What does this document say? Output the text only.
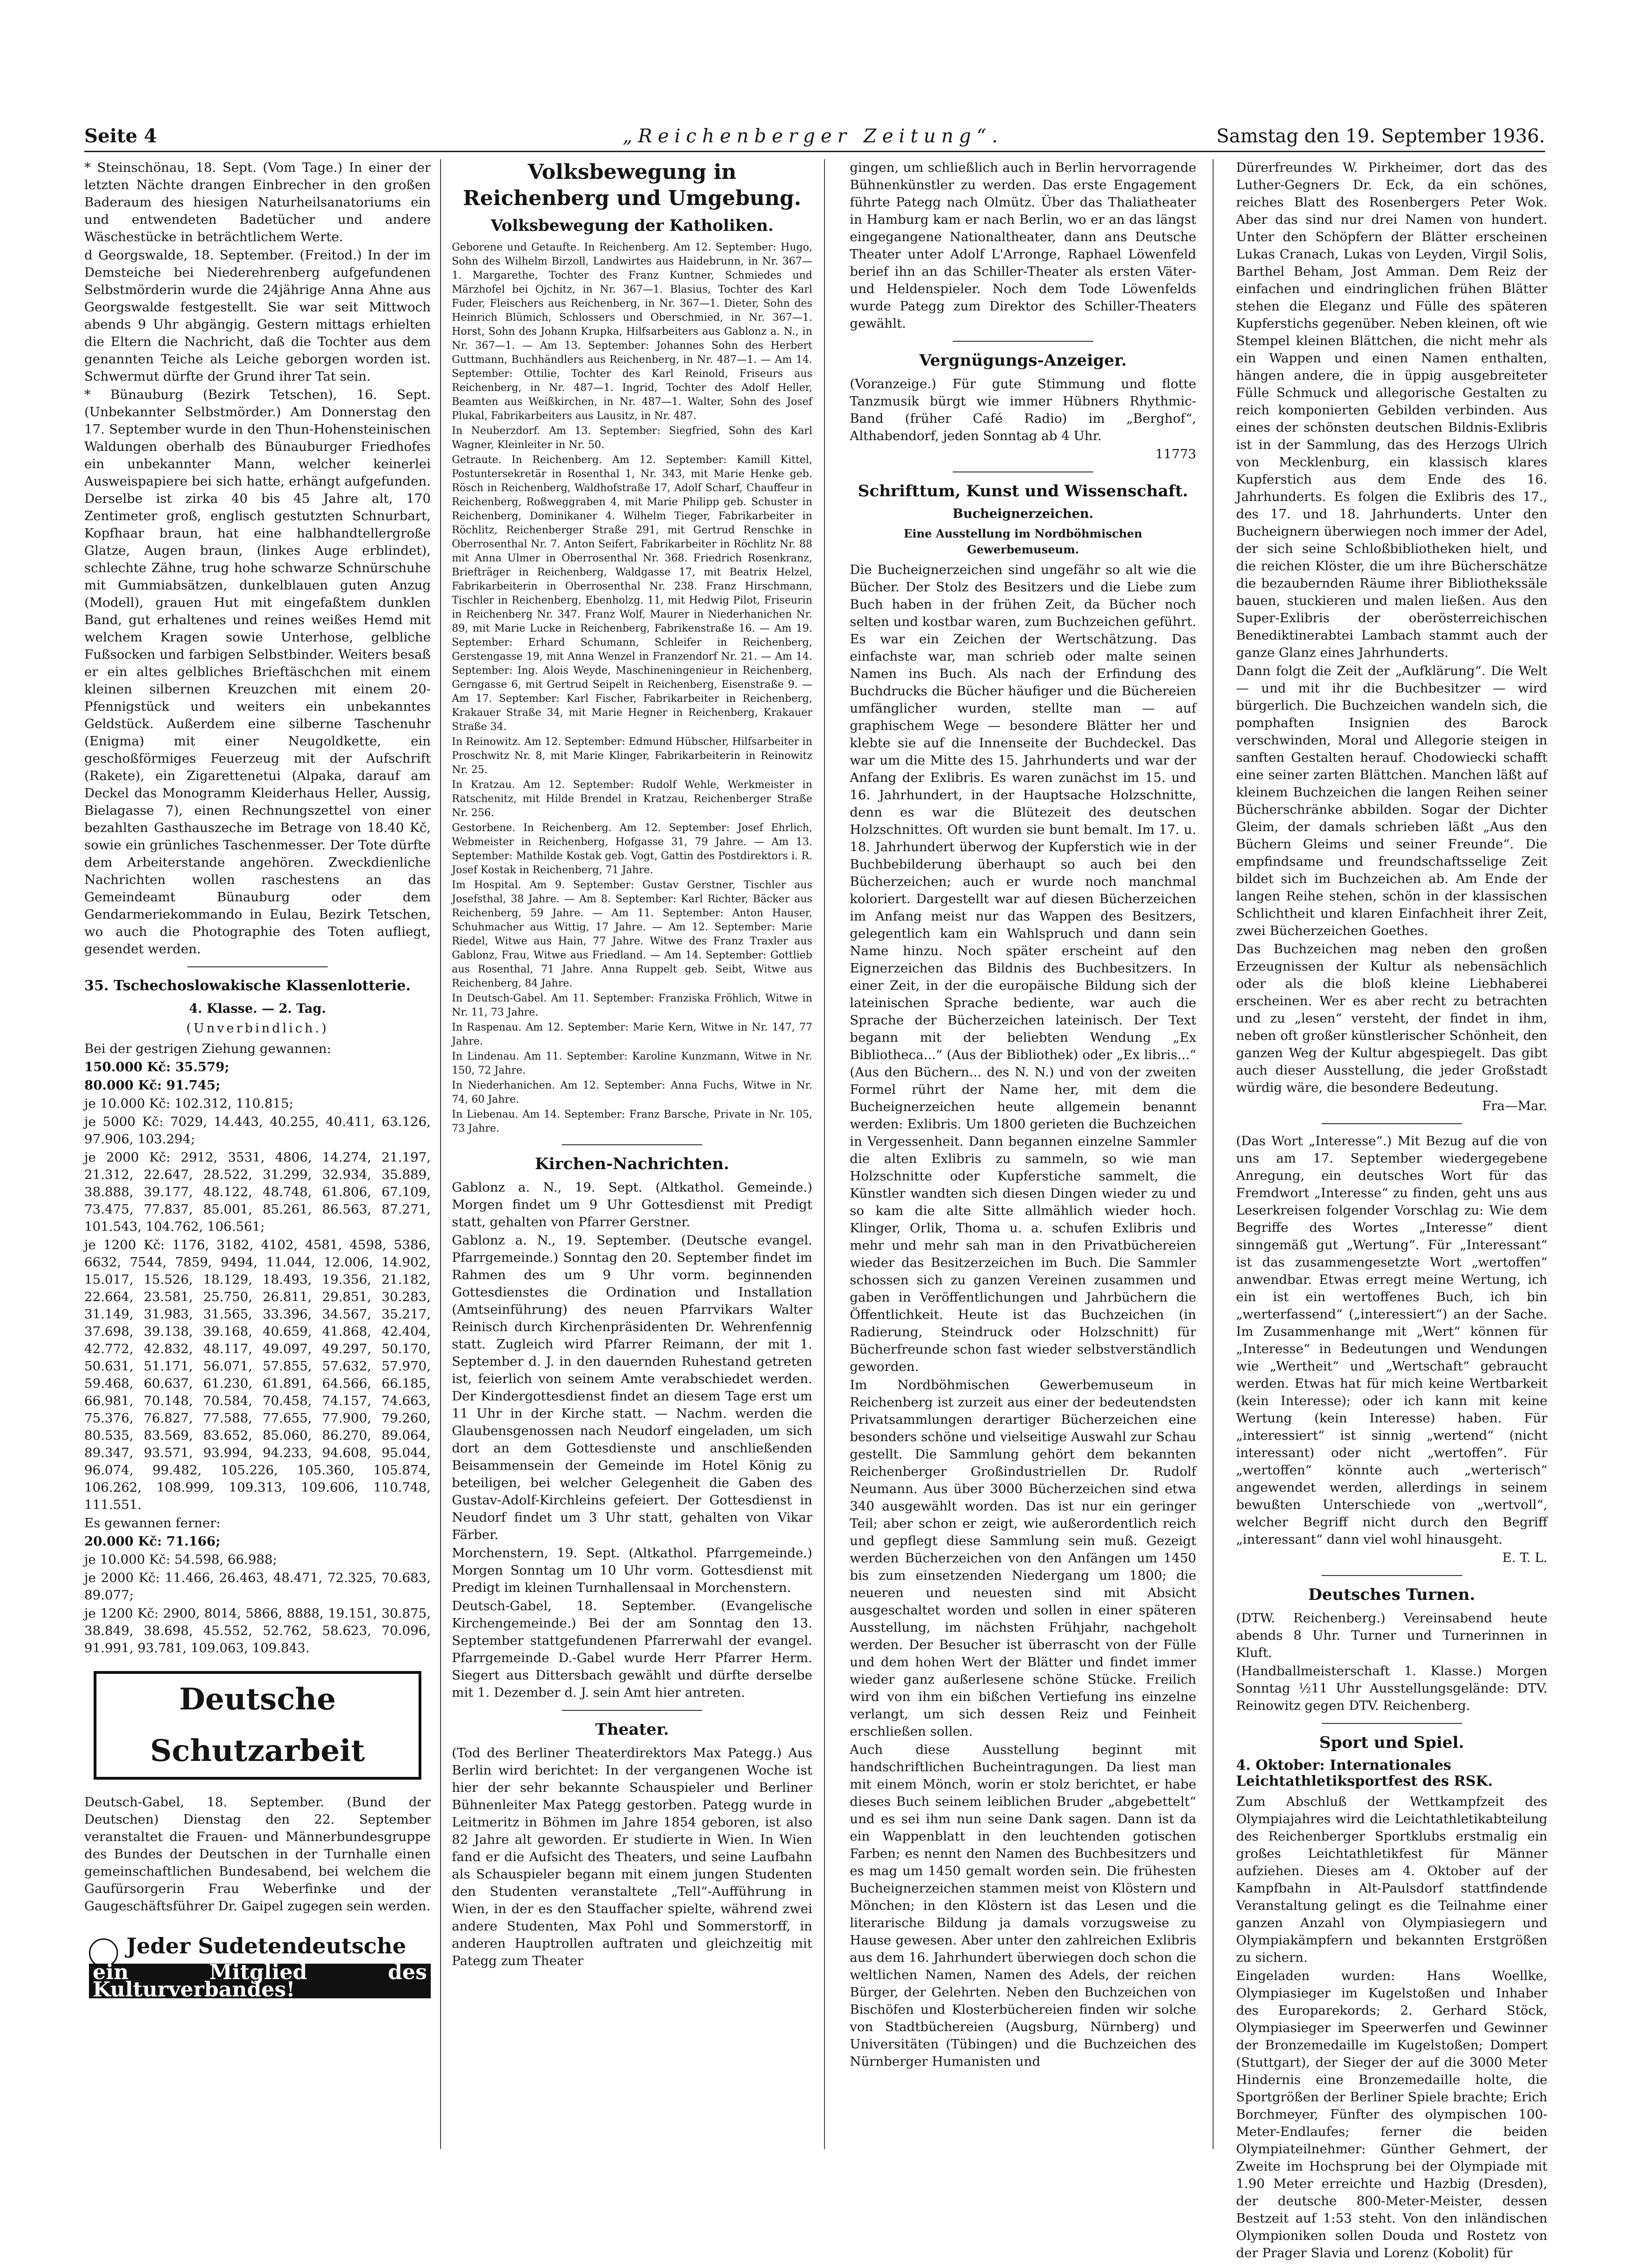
Seite 4	„Reichenberger Zeitung“.	Samstag den 19. September 1936.

* Steinschönau, 18. Sept. (Vom Tage.) In einer der letzten Nächte drangen Einbrecher in den großen Baderaum des hiesigen Naturheilsanatoriums ein und entwendeten Badetücher und andere Wäschestücke in beträchtlichem Werte.

d Georgswalde, 18. September. (Freitod.) In der im Demsteiche bei Niederehrenberg aufgefundenen Selbstmörderin wurde die 24jährige Anna Ahne aus Georgswalde festgestellt. Sie war seit Mittwoch abends 9 Uhr abgängig. Gestern mittags erhielten die Eltern die Nachricht, daß die Tochter aus dem genannten Teiche als Leiche geborgen worden ist. Schwermut dürfte der Grund ihrer Tat sein.

* Bünauburg (Bezirk Tetschen), 16. Sept. (Unbekannter Selbstmörder.) Am Donnerstag den 17. September wurde in den Thun-Hohensteinischen Waldungen oberhalb des Bünauburger Friedhofes ein unbekannter Mann, welcher keinerlei Ausweispapiere bei sich hatte, erhängt aufgefunden. Derselbe ist zirka 40 bis 45 Jahre alt, 170 Zentimeter groß, englisch gestutzten Schnurbart, Kopfhaar braun, hat eine halbhandtellergroße Glatze, Augen braun, (linkes Auge erblindet), schlechte Zähne, trug hohe schwarze Schnürschuhe mit Gummiabsätzen, dunkelblauen guten Anzug (Modell), grauen Hut mit eingefaßtem dunklen Band, gut erhaltenes und reines weißes Hemd mit welchem Kragen sowie Unterhose, gelbliche Fußsocken und farbigen Selbstbinder. Weiters besaß er ein altes gelbliches Brieftäschchen mit einem kleinen silbernen Kreuzchen mit einem 20-Pfennigstück und weiters ein unbekanntes Geldstück. Außerdem eine silberne Taschenuhr (Enigma) mit einer Neugoldkette, ein geschoßförmiges Feuerzeug mit der Aufschrift (Rakete), ein Zigarettenetui (Alpaka, darauf am Deckel das Monogramm Kleiderhaus Heller, Aussig, Bielagasse 7), einen Rechnungszettel von einer bezahlten Gasthauszeche im Betrage von 18.40 Kč, sowie ein grünliches Taschenmesser. Der Tote dürfte dem Arbeiterstande angehören. Zweckdienliche Nachrichten wollen raschestens an das Gemeindeamt Bünauburg oder dem Gendarmeriekommando in Eulau, Bezirk Tetschen, wo auch die Photographie des Toten aufliegt, gesendet werden.

35. Tschechoslowakische Klassenlotterie.
4. Klasse. — 2. Tag.
(Unverbindlich.)

Bei der gestrigen Ziehung gewannen:

150.000 Kč: 35.579;

80.000 Kč: 91.745;

je 10.000 Kč: 102.312, 110.815;

je 5000 Kč: 7029, 14.443, 40.255, 40.411, 63.126, 97.906, 103.294;

je 2000 Kč: 2912, 3531, 4806, 14.274, 21.197, 21.312, 22.647, 28.522, 31.299, 32.934, 35.889, 38.888, 39.177, 48.122, 48.748, 61.806, 67.109, 73.475, 77.837, 85.001, 85.261, 86.563, 87.271, 101.543, 104.762, 106.561;

je 1200 Kč: 1176, 3182, 4102, 4581, 4598, 5386, 6632, 7544, 7859, 9494, 11.044, 12.006, 14.902, 15.017, 15.526, 18.129, 18.493, 19.356, 21.182, 22.664, 23.581, 25.750, 26.811, 29.851, 30.283, 31.149, 31.983, 31.565, 33.396, 34.567, 35.217, 37.698, 39.138, 39.168, 40.659, 41.868, 42.404, 42.772, 42.832, 48.117, 49.097, 49.297, 50.170, 50.631, 51.171, 56.071, 57.855, 57.632, 57.970, 59.468, 60.637, 61.230, 61.891, 64.566, 66.185, 66.981, 70.148, 70.584, 70.458, 74.157, 74.663, 75.376, 76.827, 77.588, 77.655, 77.900, 79.260, 80.535, 83.569, 83.652, 85.060, 86.270, 89.064, 89.347, 93.571, 93.994, 94.233, 94.608, 95.044, 96.074, 99.482, 105.226, 105.360, 105.874, 106.262, 108.999, 109.313, 109.606, 110.748, 111.551.

Es gewannen ferner:

20.000 Kč: 71.166;

je 10.000 Kč: 54.598, 66.988;

je 2000 Kč: 11.466, 26.463, 48.471, 72.325, 70.683, 89.077;

je 1200 Kč: 2900, 8014, 5866, 8888, 19.151, 30.875, 38.849, 38.698, 45.552, 52.762, 58.623, 70.096, 91.991, 93.781, 109.063, 109.843.

Deutsche Schutzarbeit

Deutsch-Gabel, 18. September. (Bund der Deutschen) Dienstag den 22. September veranstaltet die Frauen- und Männerbundesgruppe des Bundes der Deutschen in der Turnhalle einen gemeinschaftlichen Bundesabend, bei welchem die Gaufürsorgerin Frau Weberfinke und der Gaugeschäftsführer Dr. Gaipel zugegen sein werden.

Jeder Sudetendeutsche
ein Mitglied des Kulturverbandes!
Volksbewegung in Reichenberg und Umgebung.
Volksbewegung der Katholiken.

Geborene und Getaufte. In Reichenberg. Am 12. September: Hugo, Sohn des Wilhelm Birzoll, Landwirtes aus Haidebrunn, in Nr. 367—1. Margarethe, Tochter des Franz Kuntner, Schmiedes und Märzhofel bei Ojchitz, in Nr. 367—1. Blasius, Tochter des Karl Fuder, Fleischers aus Reichenberg, in Nr. 367—1. Dieter, Sohn des Heinrich Blümich, Schlossers und Oberschmied, in Nr. 367—1. Horst, Sohn des Johann Krupka, Hilfsarbeiters aus Gablonz a. N., in Nr. 367—1. — Am 13. September: Johannes Sohn des Herbert Guttmann, Buchhändlers aus Reichenberg, in Nr. 487—1. — Am 14. September: Ottilie, Tochter des Karl Reinold, Friseurs aus Reichenberg, in Nr. 487—1. Ingrid, Tochter des Adolf Heller, Beamten aus Weißkirchen, in Nr. 487—1. Walter, Sohn des Josef Plukal, Fabrikarbeiters aus Lausitz, in Nr. 487.

In Neuberzdorf. Am 13. September: Siegfried, Sohn des Karl Wagner, Kleinleiter in Nr. 50.

Getraute. In Reichenberg. Am 12. September: Kamill Kittel, Postuntersekretär in Rosenthal 1, Nr. 343, mit Marie Henke geb. Rösch in Reichenberg, Waldhofstraße 17, Adolf Scharf, Chauffeur in Reichenberg, Roßweggraben 4, mit Marie Philipp geb. Schuster in Reichenberg, Dominikaner 4. Wilhelm Tieger, Fabrikarbeiter in Röchlitz, Reichenberger Straße 291, mit Gertrud Renschke in Oberrosenthal Nr. 7. Anton Seifert, Fabrikarbeiter in Röchlitz Nr. 88 mit Anna Ulmer in Oberrosenthal Nr. 368. Friedrich Rosenkranz, Briefträger in Reichenberg, Waldgasse 17, mit Beatrix Helzel, Fabrikarbeiterin in Oberrosenthal Nr. 238. Franz Hirschmann, Tischler in Reichenberg, Ebenholzg. 11, mit Hedwig Pilot, Friseurin in Reichenberg Nr. 347. Franz Wolf, Maurer in Niederhanichen Nr. 89, mit Marie Lucke in Reichenberg, Fabrikenstraße 16. — Am 19. September: Erhard Schumann, Schleifer in Reichenberg, Gerstengasse 19, mit Anna Wenzel in Franzendorf Nr. 21. — Am 14. September: Ing. Alois Weyde, Maschineningenieur in Reichenberg, Gerngasse 6, mit Gertrud Seipelt in Reichenberg, Eisenstraße 9. — Am 17. September: Karl Fischer, Fabrikarbeiter in Reichenberg, Krakauer Straße 34, mit Marie Hegner in Reichenberg, Krakauer Straße 34.

In Reinowitz. Am 12. September: Edmund Hübscher, Hilfsarbeiter in Proschwitz Nr. 8, mit Marie Klinger, Fabrikarbeiterin in Reinowitz Nr. 25.

In Kratzau. Am 12. September: Rudolf Wehle, Werkmeister in Ratschenitz, mit Hilde Brendel in Kratzau, Reichenberger Straße Nr. 256.

Gestorbene. In Reichenberg. Am 12. September: Josef Ehrlich, Webmeister in Reichenberg, Hofgasse 31, 79 Jahre. — Am 13. September: Mathilde Kostak geb. Vogt, Gattin des Postdirektors i. R. Josef Kostak in Reichenberg, 71 Jahre.

Im Hospital. Am 9. September: Gustav Gerstner, Tischler aus Josefsthal, 38 Jahre. — Am 8. September: Karl Richter, Bäcker aus Reichenberg, 59 Jahre. — Am 11. September: Anton Hauser, Schuhmacher aus Wittig, 17 Jahre. — Am 12. September: Marie Riedel, Witwe aus Hain, 77 Jahre. Witwe des Franz Traxler aus Gablonz, Frau, Witwe aus Friedland. — Am 14. September: Gottlieb aus Rosenthal, 71 Jahre. Anna Ruppelt geb. Seibt, Witwe aus Reichenberg, 84 Jahre.

In Deutsch-Gabel. Am 11. September: Franziska Fröhlich, Witwe in Nr. 11, 73 Jahre.

In Raspenau. Am 12. September: Marie Kern, Witwe in Nr. 147, 77 Jahre.

In Lindenau. Am 11. September: Karoline Kunzmann, Witwe in Nr. 150, 72 Jahre.

In Niederhanichen. Am 12. September: Anna Fuchs, Witwe in Nr. 74, 60 Jahre.

In Liebenau. Am 14. September: Franz Barsche, Private in Nr. 105, 73 Jahre.

Kirchen-Nachrichten.

Gablonz a. N., 19. Sept. (Altkathol. Gemeinde.) Morgen findet um 9 Uhr Gottesdienst mit Predigt statt, gehalten von Pfarrer Gerstner.

Gablonz a. N., 19. September. (Deutsche evangel. Pfarrgemeinde.) Sonntag den 20. September findet im Rahmen des um 9 Uhr vorm. beginnenden Gottesdienstes die Ordination und Installation (Amtseinführung) des neuen Pfarrvikars Walter Reinisch durch Kirchenpräsidenten Dr. Wehrenfennig statt. Zugleich wird Pfarrer Reimann, der mit 1. September d. J. in den dauernden Ruhestand getreten ist, feierlich von seinem Amte verabschiedet werden. Der Kindergottesdienst findet an diesem Tage erst um 11 Uhr in der Kirche statt. — Nachm. werden die Glaubensgenossen nach Neudorf eingeladen, um sich dort an dem Gottesdienste und anschließenden Beisammensein der Gemeinde im Hotel König zu beteiligen, bei welcher Gelegenheit die Gaben des Gustav-Adolf-Kirchleins gefeiert. Der Gottesdienst in Neudorf findet um 3 Uhr statt, gehalten von Vikar Färber.

Morchenstern, 19. Sept. (Altkathol. Pfarrgemeinde.) Morgen Sonntag um 10 Uhr vorm. Gottesdienst mit Predigt im kleinen Turnhallensaal in Morchenstern.

Deutsch-Gabel, 18. September. (Evangelische Kirchengemeinde.) Bei der am Sonntag den 13. September stattgefundenen Pfarrerwahl der evangel. Pfarrgemeinde D.-Gabel wurde Herr Pfarrer Herm. Siegert aus Dittersbach gewählt und dürfte derselbe mit 1. Dezember d. J. sein Amt hier antreten.

Theater.

(Tod des Berliner Theaterdirektors Max Pategg.) Aus Berlin wird berichtet: In der vergangenen Woche ist hier der sehr bekannte Schauspieler und Berliner Bühnenleiter Max Pategg gestorben. Pategg wurde in Leitmeritz in Böhmen im Jahre 1854 geboren, ist also 82 Jahre alt geworden. Er studierte in Wien. In Wien fand er die Aufsicht des Theaters, und seine Laufbahn als Schauspieler begann mit einem jungen Studenten den Studenten veranstaltete „Tell“-Aufführung in Wien, in der es den Stauffacher spielte, während zwei andere Studenten, Max Pohl und Sommerstorff, in anderen Hauptrollen auftraten und gleichzeitig mit Pategg zum Theater

gingen, um schließlich auch in Berlin hervorragende Bühnenkünstler zu werden. Das erste Engagement führte Pategg nach Olmütz. Über das Thaliatheater in Hamburg kam er nach Berlin, wo er an das längst eingegangene Nationaltheater, dann ans Deutsche Theater unter Adolf L'Arronge, Raphael Löwenfeld berief ihn an das Schiller-Theater als ersten Väter- und Heldenspieler. Noch dem Tode Löwenfelds wurde Pategg zum Direktor des Schiller-Theaters gewählt.

Vergnügungs-Anzeiger.

(Voranzeige.) Für gute Stimmung und flotte Tanzmusik bürgt wie immer Hübners Rhythmic-Band (früher Café Radio) im „Berghof“, Althabendorf, jeden Sonntag ab 4 Uhr.

11773

Schrifttum, Kunst und Wissenschaft.
Bucheignerzeichen.
Eine Ausstellung im Nordböhmischen Gewerbemuseum.

Die Bucheignerzeichen sind ungefähr so alt wie die Bücher. Der Stolz des Besitzers und die Liebe zum Buch haben in der frühen Zeit, da Bücher noch selten und kostbar waren, zum Buchzeichen geführt. Es war ein Zeichen der Wertschätzung. Das einfachste war, man schrieb oder malte seinen Namen ins Buch. Als nach der Erfindung des Buchdrucks die Bücher häufiger und die Büchereien umfänglicher wurden, stellte man — auf graphischem Wege — besondere Blätter her und klebte sie auf die Innenseite der Buchdeckel. Das war um die Mitte des 15. Jahrhunderts und war der Anfang der Exlibris. Es waren zunächst im 15. und 16. Jahrhundert, in der Hauptsache Holzschnitte, denn es war die Blütezeit des deutschen Holzschnittes. Oft wurden sie bunt bemalt. Im 17. u. 18. Jahrhundert überwog der Kupferstich wie in der Buchbebilderung überhaupt so auch bei den Bücherzeichen; auch er wurde noch manchmal koloriert. Dargestellt war auf diesen Bücherzeichen im Anfang meist nur das Wappen des Besitzers, gelegentlich kam ein Wahlspruch und dann sein Name hinzu. Noch später erscheint auf den Eignerzeichen das Bildnis des Buchbesitzers. In einer Zeit, in der die europäische Bildung sich der lateinischen Sprache bediente, war auch die Sprache der Bücherzeichen lateinisch. Der Text begann mit der beliebten Wendung „Ex Bibliotheca...“ (Aus der Bibliothek) oder „Ex libris...“ (Aus den Büchern... des N. N.) und von der zweiten Formel rührt der Name her, mit dem die Bucheignerzeichen heute allgemein benannt werden: Exlibris. Um 1800 gerieten die Buchzeichen in Vergessenheit. Dann begannen einzelne Sammler die alten Exlibris zu sammeln, so wie man Holzschnitte oder Kupferstiche sammelt, die Künstler wandten sich diesen Dingen wieder zu und so kam die alte Sitte allmählich wieder hoch. Klinger, Orlik, Thoma u. a. schufen Exlibris und mehr und mehr sah man in den Privatbüchereien wieder das Besitzerzeichen im Buch. Die Sammler schossen sich zu ganzen Vereinen zusammen und gaben in Veröffentlichungen und Jahrbüchern die Öffentlichkeit. Heute ist das Buchzeichen (in Radierung, Steindruck oder Holzschnitt) für Bücherfreunde schon fast wieder selbstverständlich geworden.

Im Nordböhmischen Gewerbemuseum in Reichenberg ist zurzeit aus einer der bedeutendsten Privatsammlungen derartiger Bücherzeichen eine besonders schöne und vielseitige Auswahl zur Schau gestellt. Die Sammlung gehört dem bekannten Reichenberger Großindustriellen Dr. Rudolf Neumann. Aus über 3000 Bücherzeichen sind etwa 340 ausgewählt worden. Das ist nur ein geringer Teil; aber schon er zeigt, wie außerordentlich reich und gepflegt diese Sammlung sein muß. Gezeigt werden Bücherzeichen von den Anfängen um 1450 bis zum einsetzenden Niedergang um 1800; die neueren und neuesten sind mit Absicht ausgeschaltet worden und sollen in einer späteren Ausstellung, im nächsten Frühjahr, nachgeholt werden. Der Besucher ist überrascht von der Fülle und dem hohen Wert der Blätter und findet immer wieder ganz außerlesene schöne Stücke. Freilich wird von ihm ein bißchen Vertiefung ins einzelne verlangt, um sich dessen Reiz und Feinheit erschließen sollen.

Auch diese Ausstellung beginnt mit handschriftlichen Bucheintragungen. Da liest man mit einem Mönch, worin er stolz berichtet, er habe dieses Buch seinem leiblichen Bruder „abgebettelt“ und es sei ihm nun seine Dank sagen. Dann ist da ein Wappenblatt in den leuchtenden gotischen Farben; es nennt den Namen des Buchbesitzers und es mag um 1450 gemalt worden sein. Die frühesten Bucheignerzeichen stammen meist von Klöstern und Mönchen; in den Klöstern ist das Lesen und die literarische Bildung ja damals vorzugsweise zu Hause gewesen. Aber unter den zahlreichen Exlibris aus dem 16. Jahrhundert überwiegen doch schon die weltlichen Namen, Namen des Adels, der reichen Bürger, der Gelehrten. Neben den Buchzeichen von Bischöfen und Klosterbüchereien finden wir solche von Stadtbüchereien (Augsburg, Nürnberg) und Universitäten (Tübingen) und die Buchzeichen des Nürnberger Humanisten und

Dürerfreundes W. Pirkheimer, dort das des Luther-Gegners Dr. Eck, da ein schönes, reiches Blatt des Rosenbergers Peter Wok. Aber das sind nur drei Namen von hundert. Unter den Schöpfern der Blätter erscheinen Lukas Cranach, Lukas von Leyden, Virgil Solis, Barthel Beham, Jost Amman. Dem Reiz der einfachen und eindringlichen frühen Blätter stehen die Eleganz und Fülle des späteren Kupferstichs gegenüber. Neben kleinen, oft wie Stempel kleinen Blättchen, die nicht mehr als ein Wappen und einen Namen enthalten, hängen andere, die in üppig ausgebreiteter Fülle Schmuck und allegorische Gestalten zu reich komponierten Gebilden verbinden. Aus eines der schönsten deutschen Bildnis-Exlibris ist in der Sammlung, das des Herzogs Ulrich von Mecklenburg, ein klassisch klares Kupferstich aus dem Ende des 16. Jahrhunderts. Es folgen die Exlibris des 17., des 17. und 18. Jahrhunderts. Unter den Bucheignern überwiegen noch immer der Adel, der sich seine Schloßbibliotheken hielt, und die reichen Klöster, die um ihre Bücherschätze die bezaubernden Räume ihrer Bibliothekssäle bauen, stuckieren und malen ließen. Aus den Super-Exlibris der oberösterreichischen Benediktinerabtei Lambach stammt auch der ganze Glanz eines Jahrhunderts.

Dann folgt die Zeit der „Aufklärung“. Die Welt — und mit ihr die Buchbesitzer — wird bürgerlich. Die Buchzeichen wandeln sich, die pomphaften Insignien des Barock verschwinden, Moral und Allegorie steigen in sanften Gestalten herauf. Chodowiecki schafft eine seiner zarten Blättchen. Manchen läßt auf kleinem Buchzeichen die langen Reihen seiner Bücherschränke abbilden. Sogar der Dichter Gleim, der damals schrieben läßt „Aus den Büchern Gleims und seiner Freunde“. Die empfindsame und freundschaftsselige Zeit bildet sich im Buchzeichen ab. Am Ende der langen Reihe stehen, schön in der klassischen Schlichtheit und klaren Einfachheit ihrer Zeit, zwei Bücherzeichen Goethes.

Das Buchzeichen mag neben den großen Erzeugnissen der Kultur als nebensächlich oder als die bloß kleine Liebhaberei erscheinen. Wer es aber recht zu betrachten und zu „lesen“ versteht, der findet in ihm, neben oft großer künstlerischer Schönheit, den ganzen Weg der Kultur abgespiegelt. Das gibt auch dieser Ausstellung, die jeder Großstadt würdig wäre, die besondere Bedeutung.

Fra—Mar.

(Das Wort „Interesse“.) Mit Bezug auf die von uns am 17. September wiedergegebene Anregung, ein deutsches Wort für das Fremdwort „Interesse“ zu finden, geht uns aus Leserkreisen folgender Vorschlag zu: Wie dem Begriffe des Wortes „Interesse“ dient sinngemäß gut „Wertung“. Für „Interessant“ ist das zusammengesetzte Wort „wertoffen“ anwendbar. Etwas erregt meine Wertung, ich ein ist ein wertoffenes Buch, ich bin „werterfassend“ („interessiert“) an der Sache. Im Zusammenhange mit „Wert“ können für „Interesse“ in Bedeutungen und Wendungen wie „Wertheit“ und „Wertschaft“ gebraucht werden. Etwas hat für mich keine Wertbarkeit (kein Interesse); oder ich kann mit keine Wertung (kein Interesse) haben. Für „interessiert“ ist sinnig „wertend“ (nicht interessant) oder nicht „wertoffen“. Für „wertoffen“ könnte auch „werterisch“ angewendet werden, allerdings in seinem bewußten Unterschiede von „wertvoll“, welcher Begriff nicht durch den Begriff „interessant“ dann viel wohl hinausgeht.

E. T. L.

Deutsches Turnen.

(DTW. Reichenberg.) Vereinsabend heute abends 8 Uhr. Turner und Turnerinnen in Kluft.

(Handballmeisterschaft 1. Klasse.) Morgen Sonntag ½11 Uhr Ausstellungsgelände: DTV. Reinowitz gegen DTV. Reichenberg.

Sport und Spiel.
4. Oktober: Internationales Leichtathletiksportfest des RSK.

Zum Abschluß der Wettkampfzeit des Olympiajahres wird die Leichtathletikabteilung des Reichenberger Sportklubs erstmalig ein großes Leichtathletikfest für Männer aufziehen. Dieses am 4. Oktober auf der Kampfbahn in Alt-Paulsdorf stattfindende Veranstaltung gelingt es die Teilnahme einer ganzen Anzahl von Olympiasiegern und Olympiakämpfern und bekannten Erstgrößen zu sichern.

Eingeladen wurden: Hans Woellke, Olympiasieger im Kugelstoßen und Inhaber des Europarekords; 2. Gerhard Stöck, Olympiasieger im Speerwerfen und Gewinner der Bronzemedaille im Kugelstoßen; Dompert (Stuttgart), der Sieger der auf die 3000 Meter Hindernis eine Bronzemedaille holte, die Sportgrößen der Berliner Spiele brachte; Erich Borchmeyer, Fünfter des olympischen 100-Meter-Endlaufes; ferner die beiden Olympiateilnehmer: Günther Gehmert, der Zweite im Hochsprung bei der Olympiade mit 1.90 Meter erreichte und Hazbig (Dresden), der deutsche 800-Meter-Meister, dessen Bestzeit auf 1:53 steht. Von den inländischen Olympioniken sollen Douda und Rostetz von der Prager Slavia und Lorenz (Kobolit) für
